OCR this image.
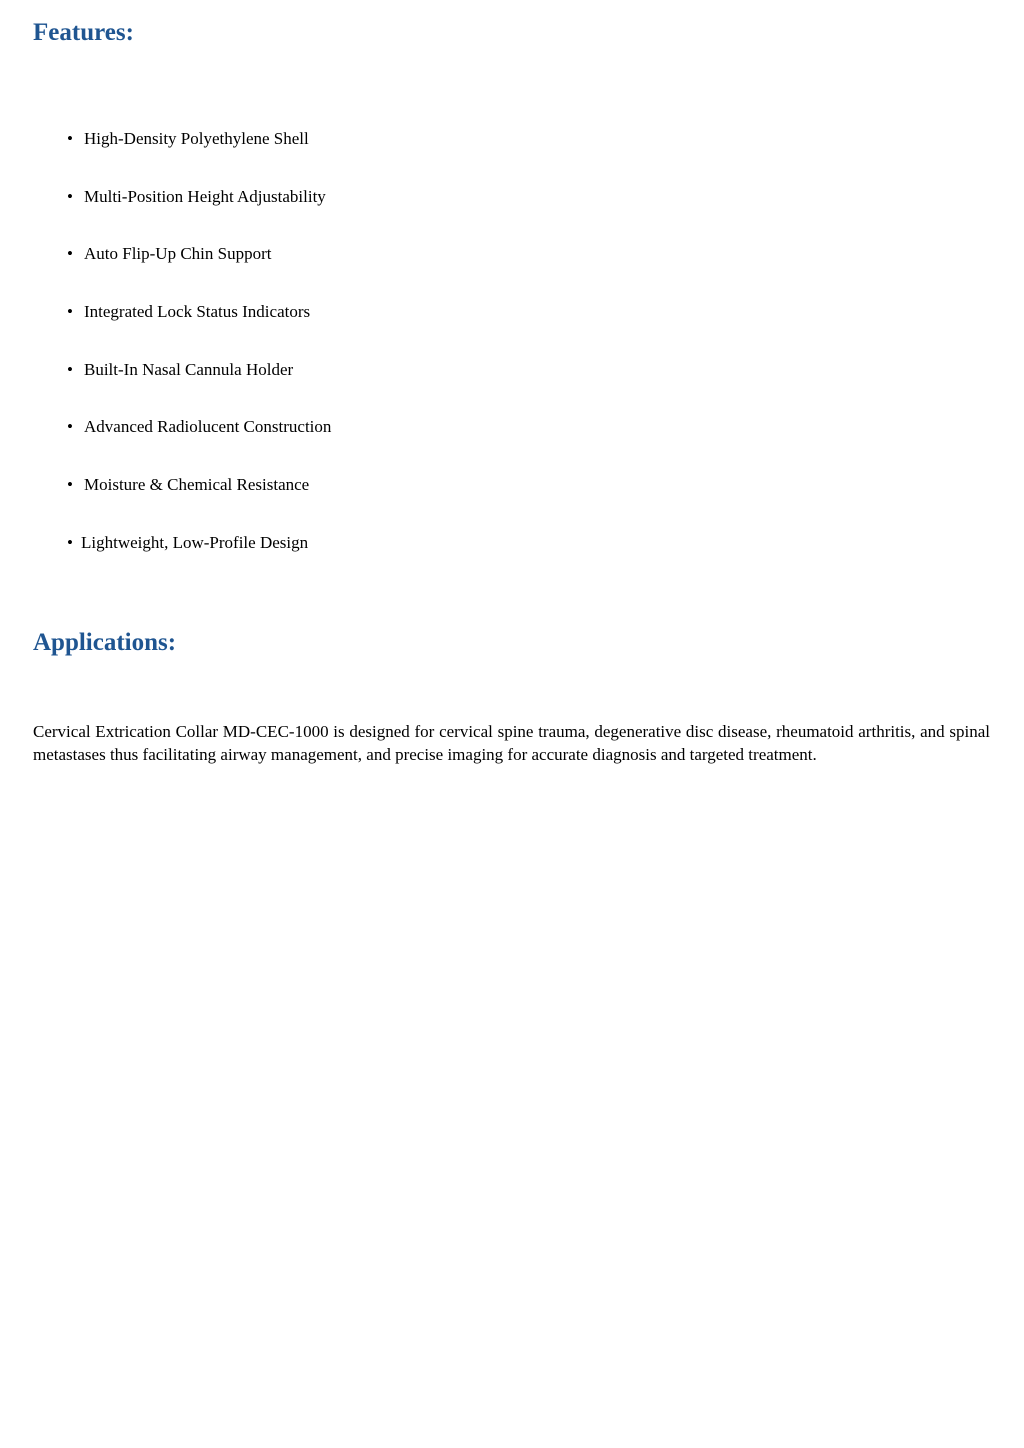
Features:
• High-Density Polyethylene Shell
• Multi-Position Height Adjustability
• Auto Flip-Up Chin Support
• Integrated Lock Status Indicators
• Built-In Nasal Cannula Holder
• Advanced Radiolucent Construction
• Moisture & Chemical Resistance
• Lightweight, Low-Profile Design
Applications:

Cervical Extrication Collar MD-CEC-1000 is designed for cervical spine trauma, degenerative disc disease, rheumatoid arthritis, and spinal metastases thus facilitating airway management, and precise imaging for accurate diagnosis and targeted treatment.
